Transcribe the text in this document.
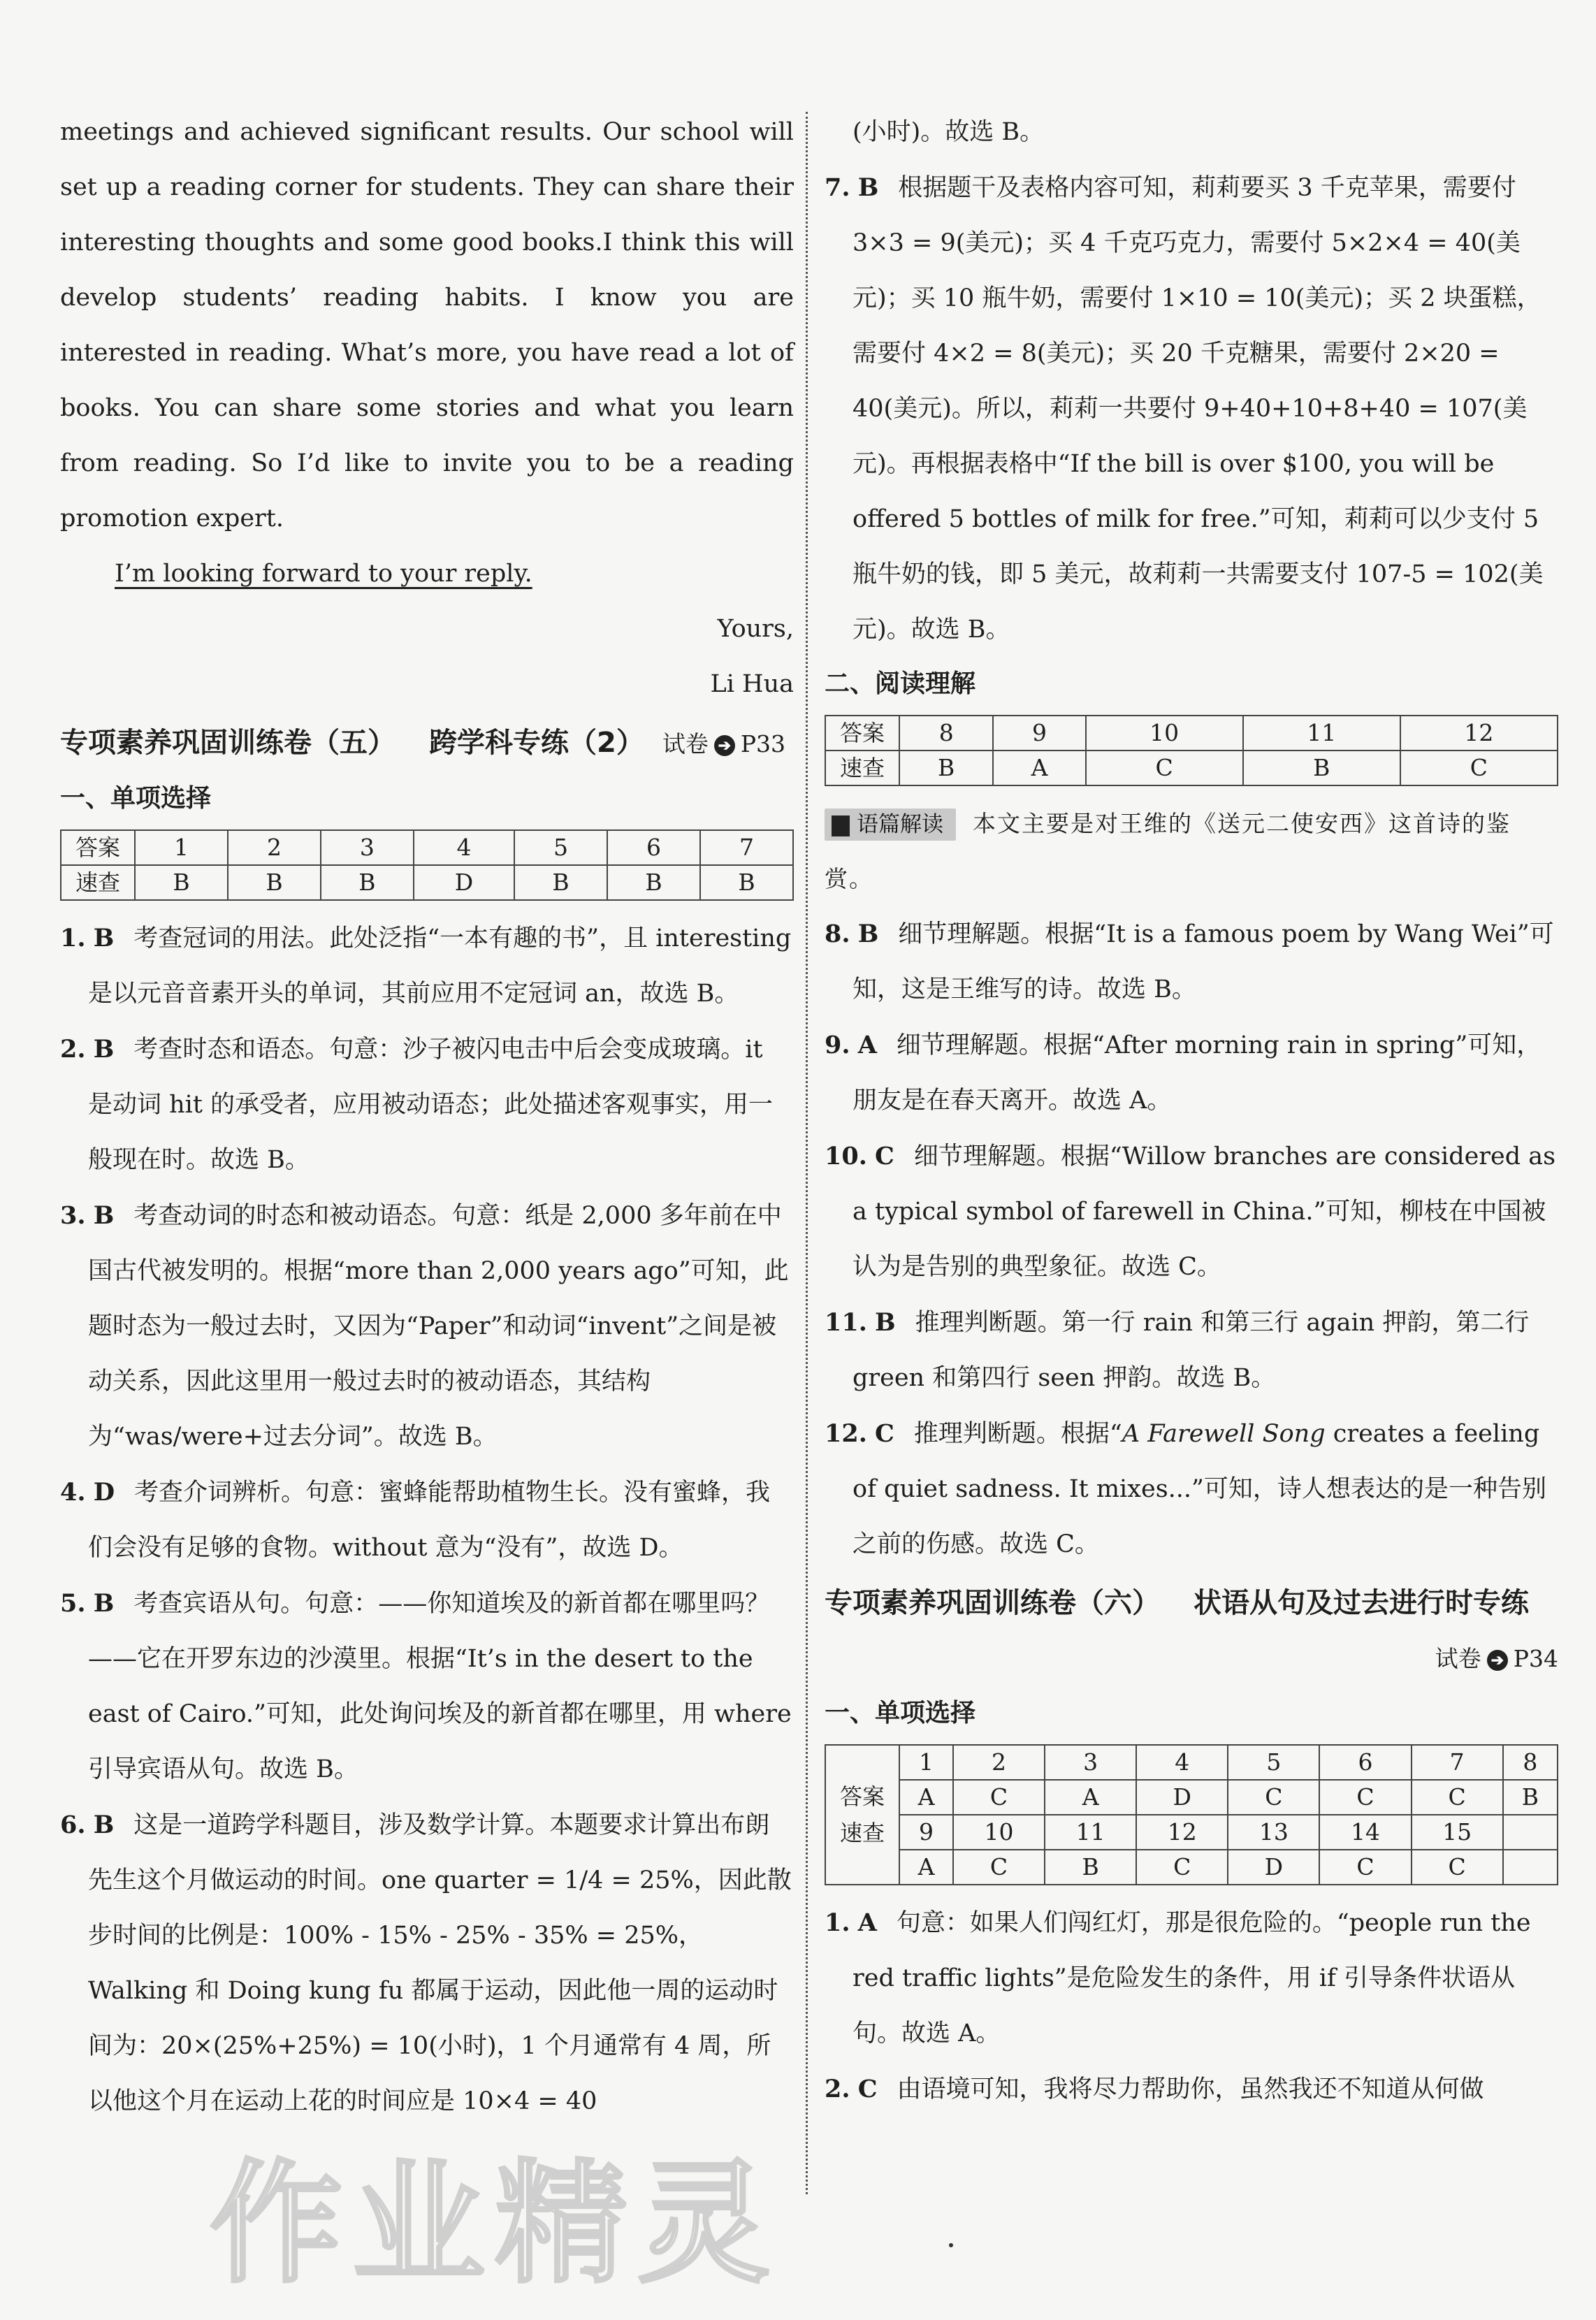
meetings and achieved significant results. Our school will set up a reading corner for students. They can share their interesting thoughts and some good books.I think this will develop students’ reading habits. I know you are interested in reading. What’s more, you have read a lot of books. You can share some stories and what you learn from reading. So I’d like to invite you to be a reading promotion expert.

I’m looking forward to your reply.

Yours,

Li Hua

专项素养巩固训练卷（五） 跨学科专练（2） 试卷 ➔ P33

一、单项选择

答案	1	2	3	4	5	6	7
速查	B	B	B	D	B	B	B

1. B 考查冠词的用法。此处泛指“一本有趣的书”，且 interesting 是以元音音素开头的单词，其前应用不定冠词 an，故选 B。

2. B 考查时态和语态。句意：沙子被闪电击中后会变成玻璃。it 是动词 hit 的承受者，应用被动语态；此处描述客观事实，用一般现在时。故选 B。

3. B 考查动词的时态和被动语态。句意：纸是 2,000 多年前在中国古代被发明的。根据“more than 2,000 years ago”可知，此题时态为一般过去时，又因为“Paper”和动词“invent”之间是被动关系，因此这里用一般过去时的被动语态，其结构为“was/were+过去分词”。故选 B。

4. D 考查介词辨析。句意：蜜蜂能帮助植物生长。没有蜜蜂，我们会没有足够的食物。without 意为“没有”，故选 D。

5. B 考查宾语从句。句意：——你知道埃及的新首都在哪里吗？——它在开罗东边的沙漠里。根据“It’s in the desert to the east of Cairo.”可知，此处询问埃及的新首都在哪里，用 where 引导宾语从句。故选 B。

6. B 这是一道跨学科题目，涉及数学计算。本题要求计算出布朗先生这个月做运动的时间。one quarter = 1/4 = 25%，因此散步时间的比例是：100% - 15% - 25% - 35% = 25%，Walking 和 Doing kung fu 都属于运动，因此他一周的运动时间为：20×(25%+25%) = 10(小时)，1 个月通常有 4 周，所以他这个月在运动上花的时间应是 10×4 = 40

(小时)。故选 B。

7. B 根据题干及表格内容可知，莉莉要买 3 千克苹果，需要付 3×3 = 9(美元)；买 4 千克巧克力，需要付 5×2×4 = 40(美元)；买 10 瓶牛奶，需要付 1×10 = 10(美元)；买 2 块蛋糕，需要付 4×2 = 8(美元)；买 20 千克糖果，需要付 2×20 = 40(美元)。所以，莉莉一共要付 9+40+10+8+40 = 107(美元)。再根据表格中“If the bill is over $100, you will be offered 5 bottles of milk for free.”可知，莉莉可以少支付 5 瓶牛奶的钱，即 5 美元，故莉莉一共需要支付 107-5 = 102(美元)。故选 B。

二、阅读理解

答案	8	9	10	11	12
速查	B	A	C	B	C

语篇解读 本文主要是对王维的《送元二使安西》这首诗的鉴赏。

8. B 细节理解题。根据“It is a famous poem by Wang Wei”可知，这是王维写的诗。故选 B。

9. A 细节理解题。根据“After morning rain in spring”可知，朋友是在春天离开。故选 A。

10. C 细节理解题。根据“Willow branches are considered as a typical symbol of farewell in China.”可知，柳枝在中国被认为是告别的典型象征。故选 C。

11. B 推理判断题。第一行 rain 和第三行 again 押韵，第二行 green 和第四行 seen 押韵。故选 B。

12. C 推理判断题。根据“A Farewell Song creates a feeling of quiet sadness. It mixes...”可知，诗人想表达的是一种告别之前的伤感。故选 C。

专项素养巩固训练卷（六） 状语从句及过去进行时专练
试卷 ➔ P34

一、单项选择

答案
速查	1	2	3	4	5	6	7	8
	A	C	A	D	C	C	C	B
	9	10	11	12	13	14	15	
	A	C	B	C	D	C	C	

1. A 句意：如果人们闯红灯，那是很危险的。“people run the red traffic lights”是危险发生的条件，用 if 引导条件状语从句。故选 A。

2. C 由语境可知，我将尽力帮助你，虽然我还不知道从何做

作业精灵
